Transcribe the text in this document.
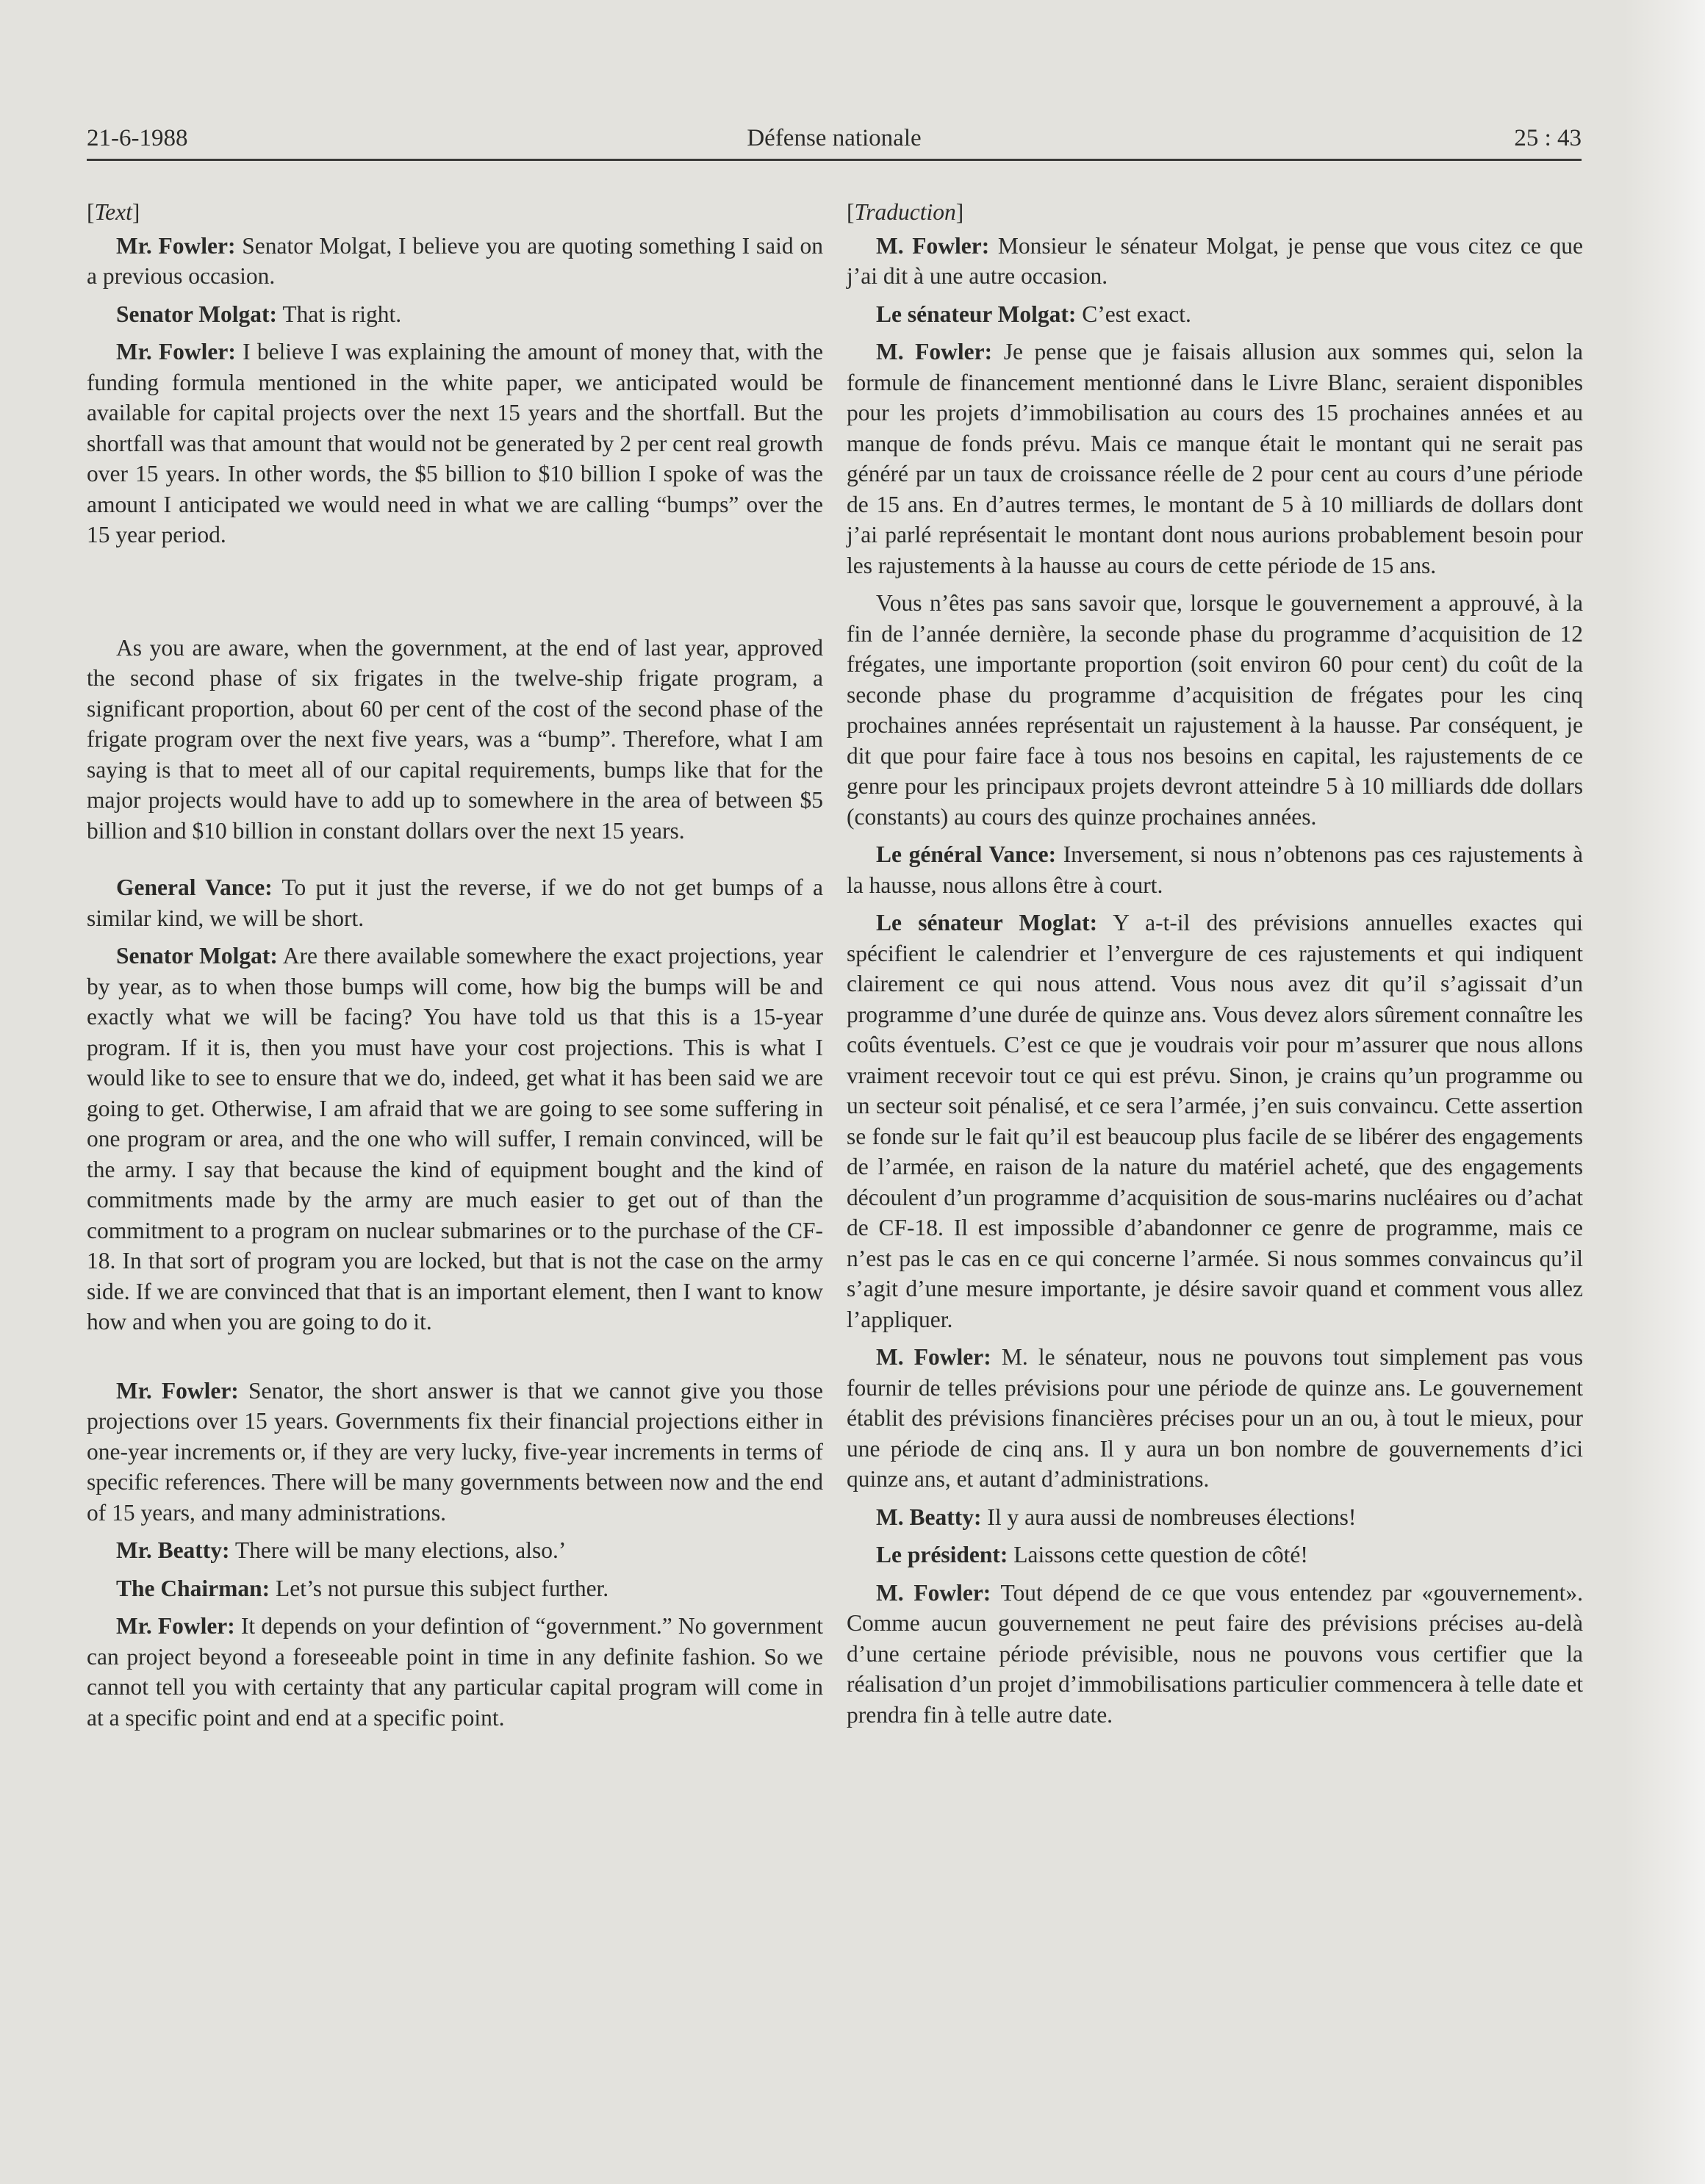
21-6-1988	Défense nationale	25 : 43

[Text]

Mr. Fowler: Senator Molgat, I believe you are quoting something I said on a previous occasion.

Senator Molgat: That is right.

Mr. Fowler: I believe I was explaining the amount of money that, with the funding formula mentioned in the white paper, we anticipated would be available for capital projects over the next 15 years and the shortfall. But the shortfall was that amount that would not be generated by 2 per cent real growth over 15 years. In other words, the $5 billion to $10 billion I spoke of was the amount I anticipated we would need in what we are calling “bumps” over the 15 year period.

As you are aware, when the government, at the end of last year, approved the second phase of six frigates in the twelve-ship frigate program, a significant proportion, about 60 per cent of the cost of the second phase of the frigate program over the next five years, was a “bump”. Therefore, what I am saying is that to meet all of our capital requirements, bumps like that for the major projects would have to add up to somewhere in the area of between $5 billion and $10 billion in constant dollars over the next 15 years.

General Vance: To put it just the reverse, if we do not get bumps of a similar kind, we will be short.

Senator Molgat: Are there available somewhere the exact projections, year by year, as to when those bumps will come, how big the bumps will be and exactly what we will be facing? You have told us that this is a 15-year program. If it is, then you must have your cost projections. This is what I would like to see to ensure that we do, indeed, get what it has been said we are going to get. Otherwise, I am afraid that we are going to see some suffering in one program or area, and the one who will suffer, I remain convinced, will be the army. I say that because the kind of equipment bought and the kind of commitments made by the army are much easier to get out of than the commitment to a program on nuclear submarines or to the purchase of the CF-18. In that sort of program you are locked, but that is not the case on the army side. If we are convinced that that is an important element, then I want to know how and when you are going to do it.

Mr. Fowler: Senator, the short answer is that we cannot give you those projections over 15 years. Governments fix their financial projections either in one-year increments or, if they are very lucky, five-year increments in terms of specific references. There will be many governments between now and the end of 15 years, and many administrations.

Mr. Beatty: There will be many elections, also.’

The Chairman: Let’s not pursue this subject further.

Mr. Fowler: It depends on your defintion of “government.” No government can project beyond a foreseeable point in time in any definite fashion. So we cannot tell you with certainty that any particular capital program will come in at a specific point and end at a specific point.

[Traduction]

M. Fowler: Monsieur le sénateur Molgat, je pense que vous citez ce que j’ai dit à une autre occasion.

Le sénateur Molgat: C’est exact.

M. Fowler: Je pense que je faisais allusion aux sommes qui, selon la formule de financement mentionné dans le Livre Blanc, seraient disponibles pour les projets d’immobilisation au cours des 15 prochaines années et au manque de fonds prévu. Mais ce manque était le montant qui ne serait pas généré par un taux de croissance réelle de 2 pour cent au cours d’une période de 15 ans. En d’autres termes, le montant de 5 à 10 milliards de dollars dont j’ai parlé représentait le montant dont nous aurions probablement besoin pour les rajustements à la hausse au cours de cette période de 15 ans.

Vous n’êtes pas sans savoir que, lorsque le gouvernement a approuvé, à la fin de l’année dernière, la seconde phase du programme d’acquisition de 12 frégates, une importante proportion (soit environ 60 pour cent) du coût de la seconde phase du programme d’acquisition de frégates pour les cinq prochaines années représentait un rajustement à la hausse. Par conséquent, je dit que pour faire face à tous nos besoins en capital, les rajustements de ce genre pour les principaux projets devront atteindre 5 à 10 milliards dde dollars (constants) au cours des quinze prochaines années.

Le général Vance: Inversement, si nous n’obtenons pas ces rajustements à la hausse, nous allons être à court.

Le sénateur Moglat: Y a-t-il des prévisions annuelles exactes qui spécifient le calendrier et l’envergure de ces rajustements et qui indiquent clairement ce qui nous attend. Vous nous avez dit qu’il s’agissait d’un programme d’une durée de quinze ans. Vous devez alors sûrement connaître les coûts éventuels. C’est ce que je voudrais voir pour m’assurer que nous allons vraiment recevoir tout ce qui est prévu. Sinon, je crains qu’un programme ou un secteur soit pénalisé, et ce sera l’armée, j’en suis convaincu. Cette assertion se fonde sur le fait qu’il est beaucoup plus facile de se libérer des engagements de l’armée, en raison de la nature du matériel acheté, que des engagements découlent d’un programme d’acquisition de sous-marins nucléaires ou d’achat de CF-18. Il est impossible d’abandonner ce genre de programme, mais ce n’est pas le cas en ce qui concerne l’armée. Si nous sommes convaincus qu’il s’agit d’une mesure importante, je désire savoir quand et comment vous allez l’appliquer.

M. Fowler: M. le sénateur, nous ne pouvons tout simplement pas vous fournir de telles prévisions pour une période de quinze ans. Le gouvernement établit des prévisions financières précises pour un an ou, à tout le mieux, pour une période de cinq ans. Il y aura un bon nombre de gouvernements d’ici quinze ans, et autant d’administrations.

M. Beatty: Il y aura aussi de nombreuses élections!

Le président: Laissons cette question de côté!

M. Fowler: Tout dépend de ce que vous entendez par «gouvernement». Comme aucun gouvernement ne peut faire des prévisions précises au-delà d’une certaine période prévisible, nous ne pouvons vous certifier que la réalisation d’un projet d’immobilisations particulier commencera à telle date et prendra fin à telle autre date.
